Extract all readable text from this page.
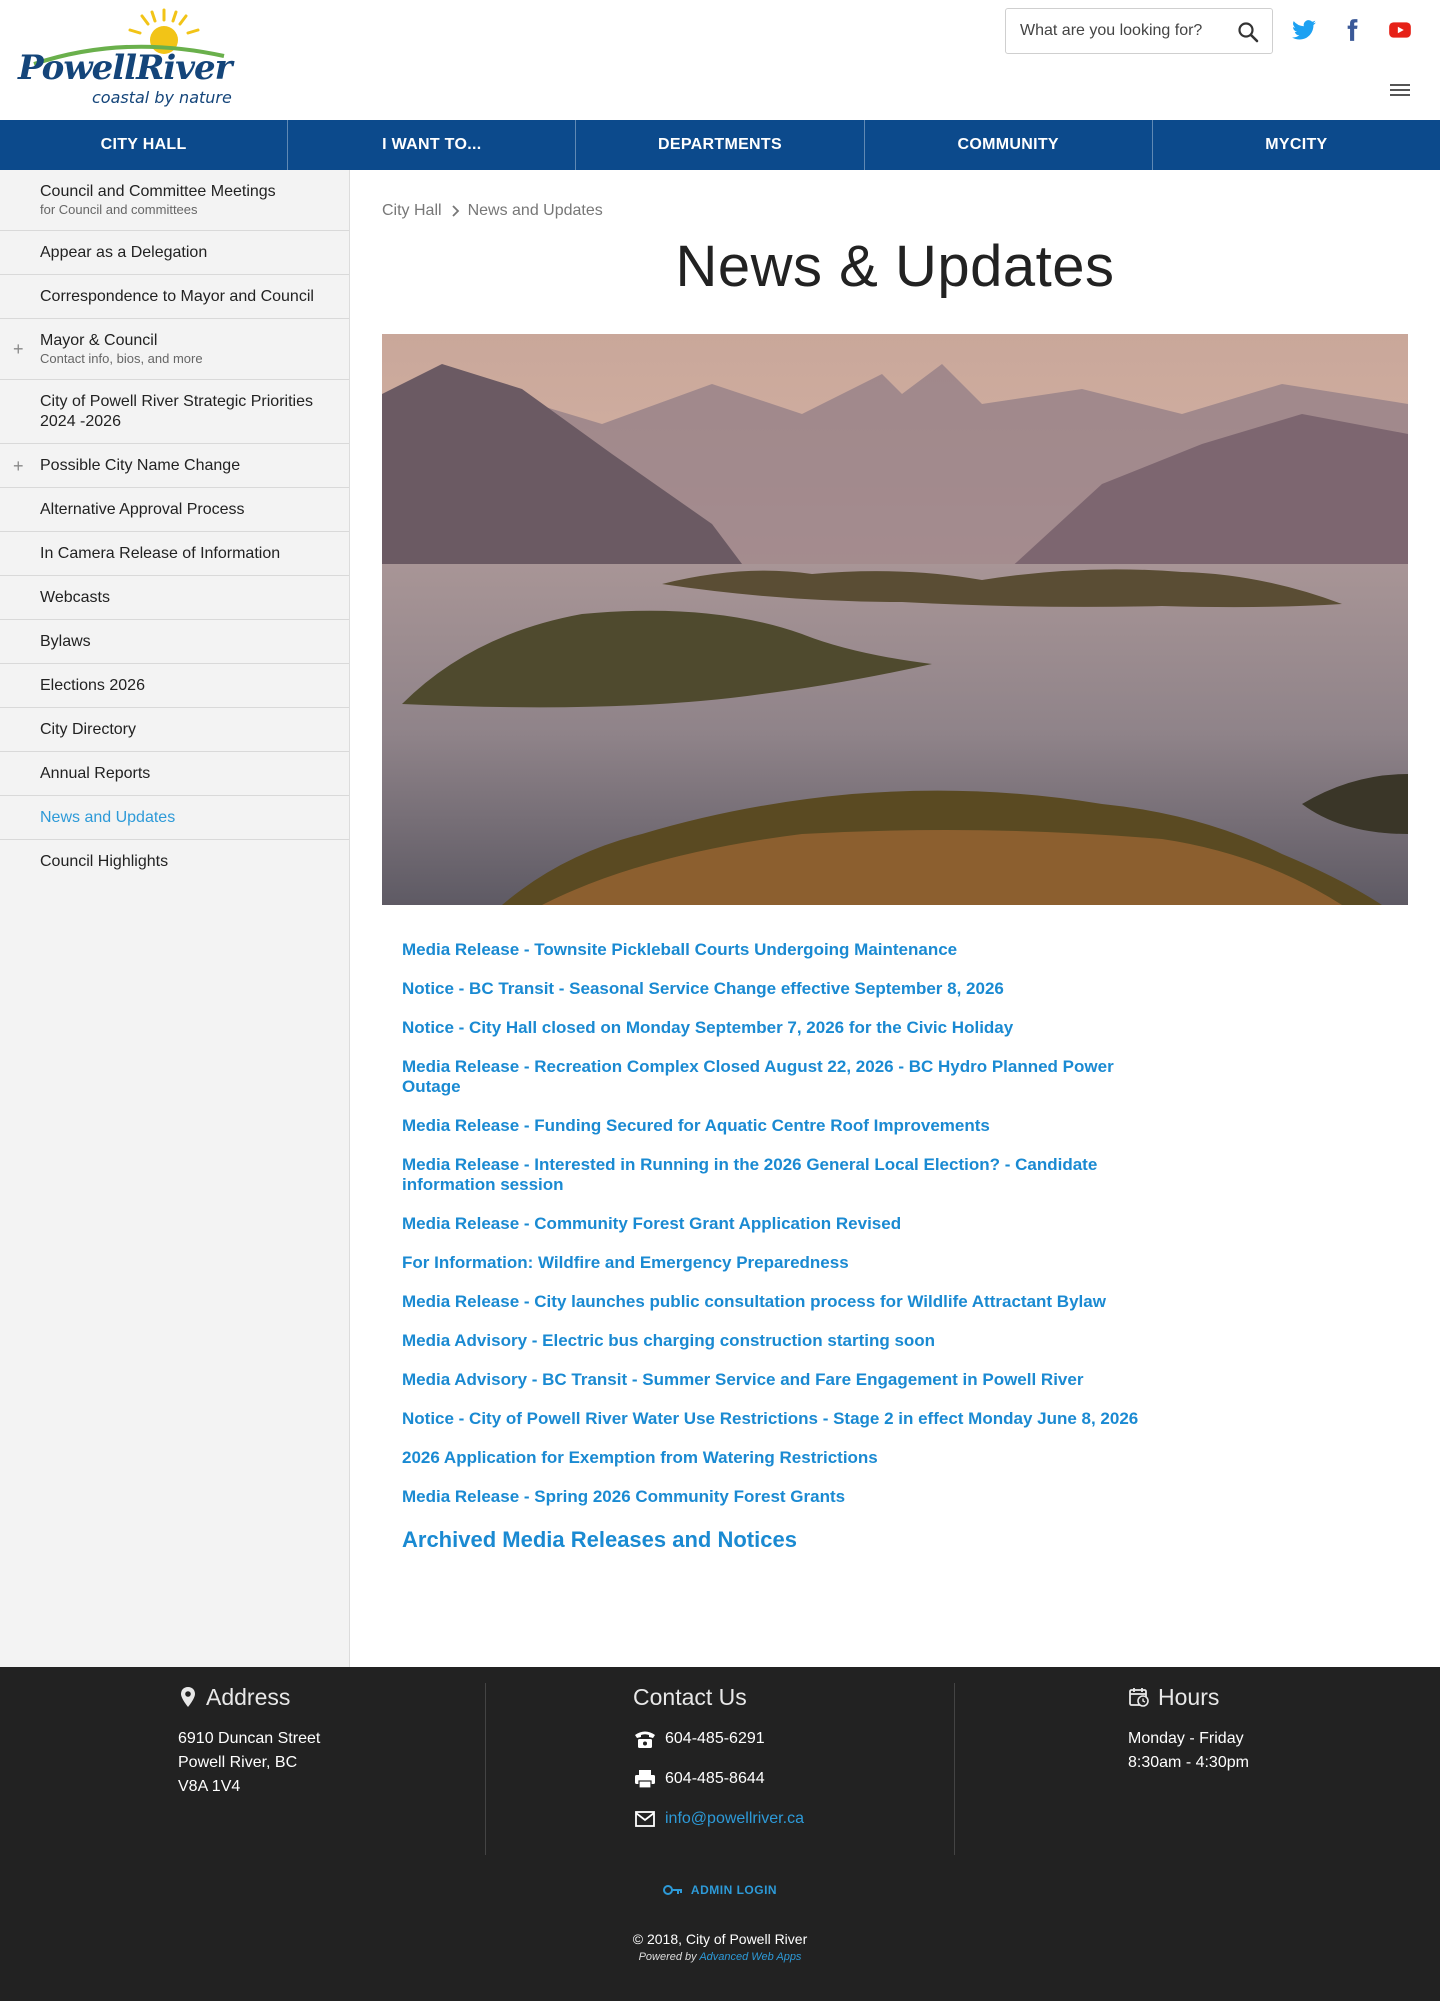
PowellRiver
coastal by nature
What are you looking for?
CITY HALL	I WANT TO...	DEPARTMENTS	COMMUNITY	MYCITY
Council and Committee Meetings
for Council and committees
Appear as a Delegation
Correspondence to Mayor and Council
+ Mayor & Council
Contact info, bios, and more
City of Powell River Strategic Priorities 2024 -2026
+ Possible City Name Change
Alternative Approval Process
In Camera Release of Information
Webcasts
Bylaws
Elections 2026
City Directory
Annual Reports
News and Updates
Council Highlights
City Hall News and Updates
News & Updates
Media Release - Townsite Pickleball Courts Undergoing Maintenance
Notice - BC Transit - Seasonal Service Change effective September 8, 2026
Notice - City Hall closed on Monday September 7, 2026 for the Civic Holiday
Media Release - Recreation Complex Closed August 22, 2026 - BC Hydro Planned Power Outage
Media Release - Funding Secured for Aquatic Centre Roof Improvements
Media Release - Interested in Running in the 2026 General Local Election? - Candidate information session
Media Release - Community Forest Grant Application Revised
For Information: Wildfire and Emergency Preparedness
Media Release - City launches public consultation process for Wildlife Attractant Bylaw
Media Advisory - Electric bus charging construction starting soon
Media Advisory - BC Transit - Summer Service and Fare Engagement in Powell River
Notice - City of Powell River Water Use Restrictions - Stage 2 in effect Monday June 8, 2026
2026 Application for Exemption from Watering Restrictions
Media Release - Spring 2026 Community Forest Grants
Archived Media Releases and Notices
Address
6910 Duncan Street
Powell River, BC
V8A 1V4
Contact Us
604-485-6291
604-485-8644
info@powellriver.ca
Hours
Monday - Friday
8:30am - 4:30pm
ADMIN LOGIN
© 2018, City of Powell River
Powered by Advanced Web Apps
